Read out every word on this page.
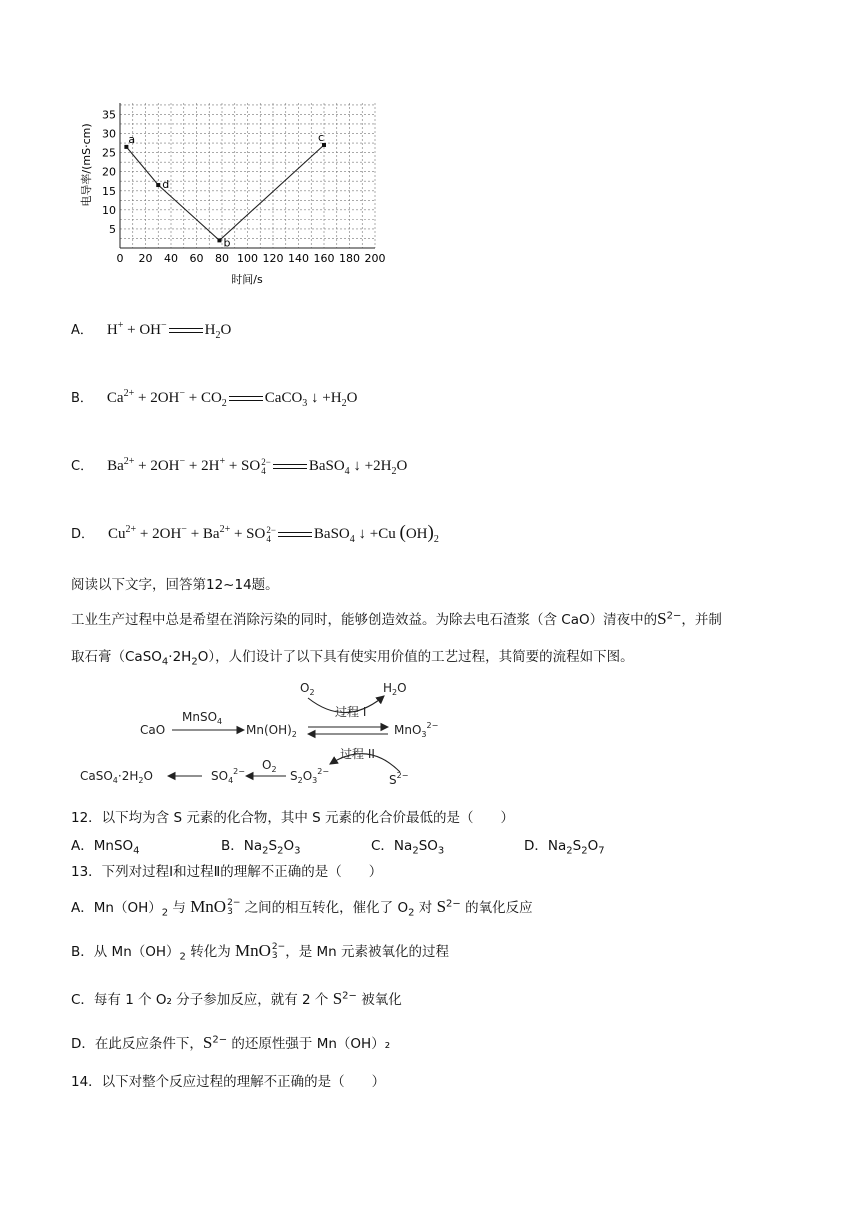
0 20 40 60 80 100 120 140 160 180 200
5
10
15
20
25
30
35
a
d
b
c
电导率/(mS·cm)
时间/s
A． H+ + OH−	$H_2O$
B． $Ca^{2+} + 2OH^- + CO_2$	CaCO$_3$ ↓ $+H_2O$
C． $Ba^{2+} + 2OH^- + 2H^+$ + SO 2−
4	BaSO$_4$ ↓ $+2H_2O$
D． $Cu^{2+} + 2OH^- + Ba^{2+}$ + SO 2−
4	BaSO$_4$ ↓ +Cu $(OH)_2$
阅读以下文字，回答第12~14题。
工业生产过程中总是希望在消除污染的同时，能够创造效益。为除去电石渣浆（含 CaO）清夜中的$S^{2-}$，并制
取石膏$(CaSO_4\cdot 2H_2O)$，人们设计了以下具有使实用价值的工艺过程，其简要的流程如下图。
CaO
MnSO$_4$
$Mn(OH)_2$	MnO$_3^{2-}$
$O_2$	$H_2O$
过程 I
$CaSO_4\cdot 2H_2O$	$SO_4^{2-}$ $O_2$ $S_2O_3^{2-}$
过程 II
$S^{2-}$
12．以下均为含 S 元素的化合物，其中 S 元素的化合价最低的是（　　）
A．MnSO$_4$	B．$Na_2S_2O_3$	C．$Na_2SO_3$	D．$Na_2S_2O_7$
13．下列对过程Ⅰ和过程Ⅱ的理解不正确的是（　　）
A．$Mn(OH)_2$ 与 MnO 2−
3 之间的相互转化，催化了 $O_2$ 对 $S^{2-}$ 的氧化反应
B．从 $Mn(OH)_2$ 转化为 MnO 2−
3 ，是 Mn 元素被氧化的过程
C．每有 1 个 O₂ 分子参加反应，就有 2 个 $S^{2-}$ 被氧化
D．在此反应条件下，$S^{2-}$ 的还原性强于 Mn（OH）₂
14．以下对整个反应过程的理解不正确的是（　　）
